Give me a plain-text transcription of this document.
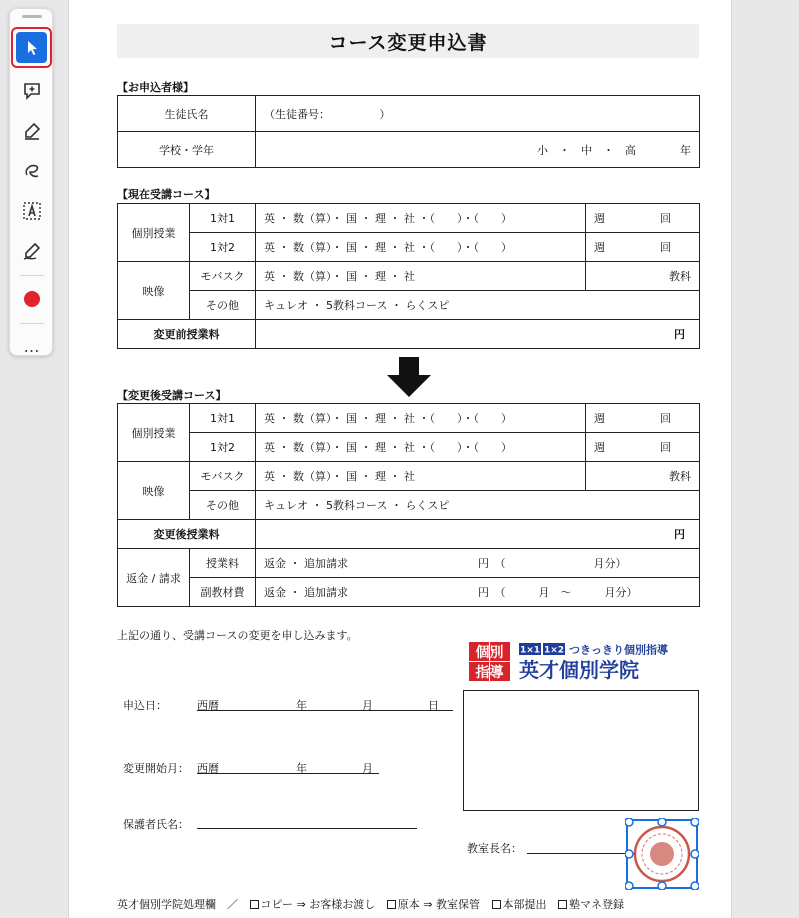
…
コース変更申込書
【お申込者様】
生徒氏名	（生徒番号：　　　　　）
学校・学年	小　・　中　・　高　　　　年
【現在受講コース】
個別授業	1対1	英 ・ 数（算）・ 国 ・ 理 ・ 社 ・（　　）・（　　）	週　　　　　回
	1対2	英 ・ 数（算）・ 国 ・ 理 ・ 社 ・（　　）・（　　）	週　　　　　回
映像	モバスク	英 ・ 数（算）・ 国 ・ 理 ・ 社	教科
	その他	キュレオ ・ 5教科コース ・ らくスピ	
変更前授業料		円	
【変更後受講コース】
個別授業	1対1	英 ・ 数（算）・ 国 ・ 理 ・ 社 ・（　　）・（　　）	週　　　　　回
	1対2	英 ・ 数（算）・ 国 ・ 理 ・ 社 ・（　　）・（　　）	週　　　　　回
映像	モバスク	英 ・ 数（算）・ 国 ・ 理 ・ 社	教科
	その他	キュレオ ・ 5教科コース ・ らくスピ	
変更後授業料		円	
返金 / 請求	授業料	返金 ・ 追加請求 円　（　　　　　　　　月分）	

	副教材費	返金 ・ 追加請求 円　（　　　月　～　　　月分）	
上記の通り、受講コースの変更を申し込みます。
個別
指導
1×1 1×2 つきっきり個別指導
英才個別学院
申込日：	西暦　　　　　　　年　　　　　月　　　　　日
変更開始月： 西暦　　　　　　　年　　　　　月
保護者氏名：
教室長名：
英才個別学院処理欄　／ コピー ⇒ お客様お渡し 原本 ⇒ 教室保管 本部提出 塾マネ登録
